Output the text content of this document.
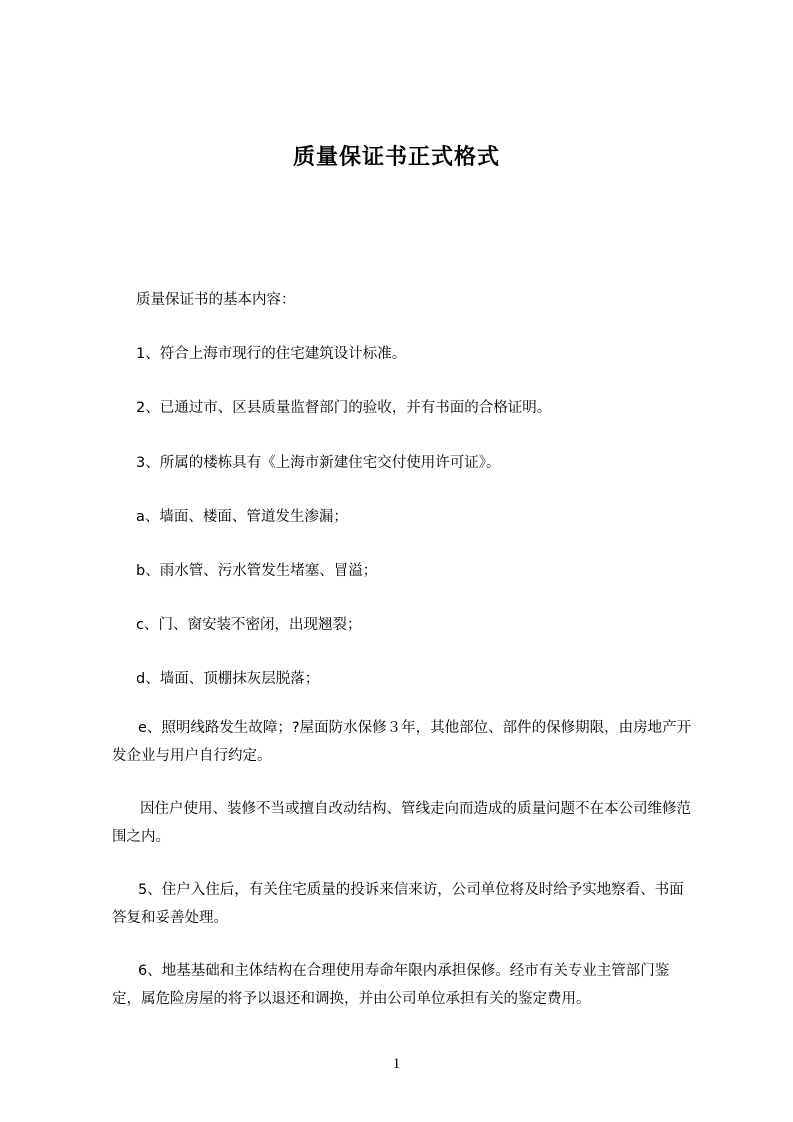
质量保证书正式格式

质量保证书的基本内容：

1、符合上海市现行的住宅建筑设计标准。

2、已通过市、区县质量监督部门的验收，并有书面的合格证明。

3、所属的楼栋具有《上海市新建住宅交付使用许可证》。

a、墙面、楼面、管道发生渗漏；

b、雨水管、污水管发生堵塞、冒溢；

c、门、窗安装不密闭，出现翘裂；

d、墙面、顶棚抹灰层脱落；

e、照明线路发生故障；?屋面防水保修３年，其他部位、部件的保修期限，由房地产开发企业与用户自行约定。

因住户使用、装修不当或擅自改动结构、管线走向而造成的质量问题不在本公司维修范围之内。

5、住户入住后，有关住宅质量的投诉来信来访，公司单位将及时给予实地察看、书面答复和妥善处理。

6、地基基础和主体结构在合理使用寿命年限内承担保修。经市有关专业主管部门鉴定，属危险房屋的将予以退还和调换，并由公司单位承担有关的鉴定费用。

1
